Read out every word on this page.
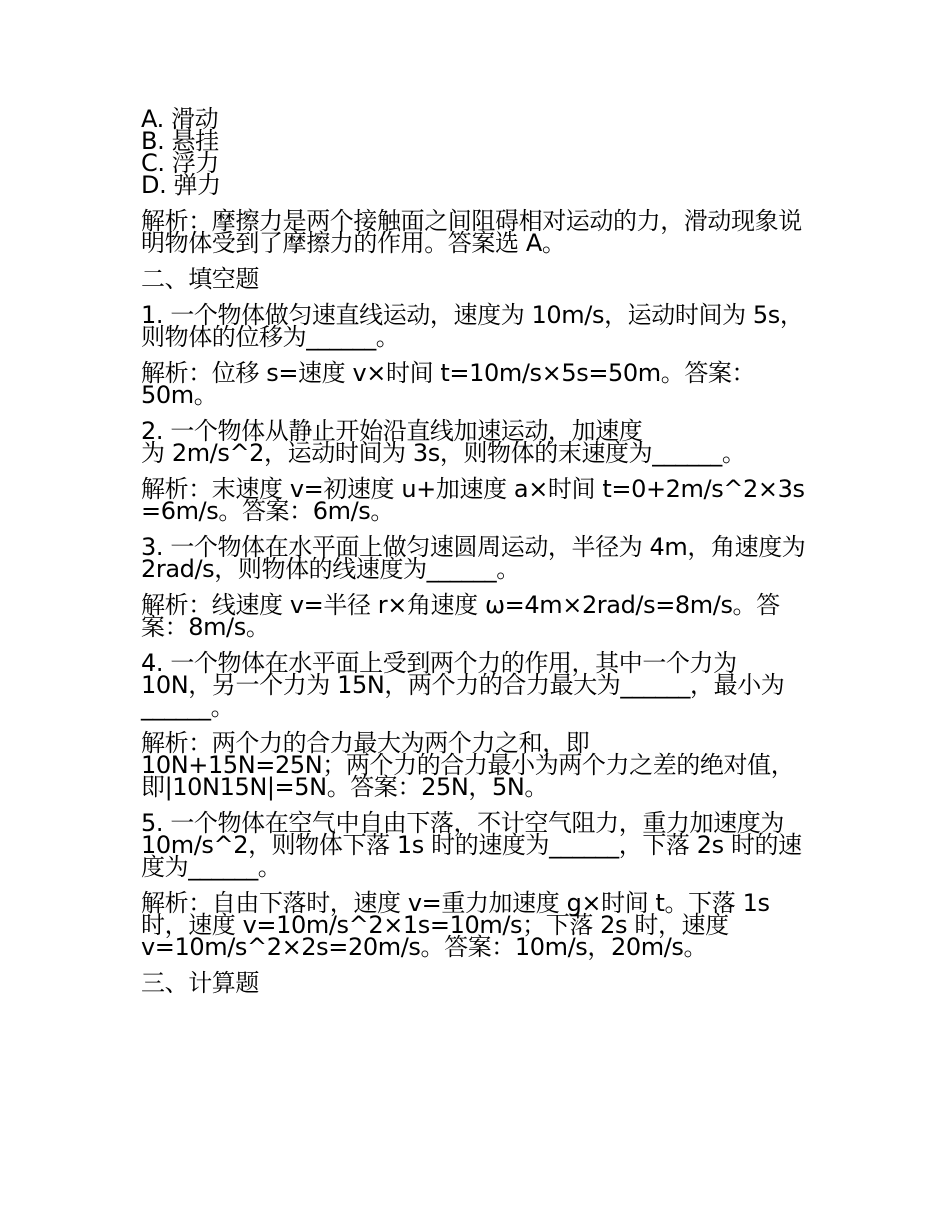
A. 滑动

B. 悬挂

C. 浮力

D. 弹力

解析：摩擦力是两个接触面之间阻碍相对运动的力，滑动现象说明物体受到了摩擦力的作用。答案选 A。

二、填空题

1. 一个物体做匀速直线运动，速度为 10m/s，运动时间为 5s，则物体的位移为______。

解析：位移 s=速度 v×时间 t=10m/s×5s=50m。答案：50m。

2. 一个物体从静止开始沿直线加速运动，加速度
为 2m/s^2，运动时间为 3s，则物体的末速度为______。

解析：末速度 v=初速度 u+加速度 a×时间 t=0+2m/s^2×3s
=6m/s。答案：6m/s。

3. 一个物体在水平面上做匀速圆周运动，半径为 4m，角速度为 2rad/s，则物体的线速度为______。

解析：线速度 v=半径 r×角速度 ω=4m×2rad/s=8m/s。答案：8m/s。

4. 一个物体在水平面上受到两个力的作用，其中一个力为 10N，另一个力为 15N，两个力的合力最大为______，最小为______。

解析：两个力的合力最大为两个力之和，即
10N+15N=25N；两个力的合力最小为两个力之差的绝对值，即|10N15N|=5N。答案：25N，5N。

5. 一个物体在空气中自由下落，不计空气阻力，重力加速度为 10m/s^2，则物体下落 1s 时的速度为______，下落 2s 时的速度为______。

解析：自由下落时，速度 v=重力加速度 g×时间 t。下落 1s 时，速度 v=10m/s^2×1s=10m/s；下落 2s 时，速度
v=10m/s^2×2s=20m/s。答案：10m/s，20m/s。

三、计算题
